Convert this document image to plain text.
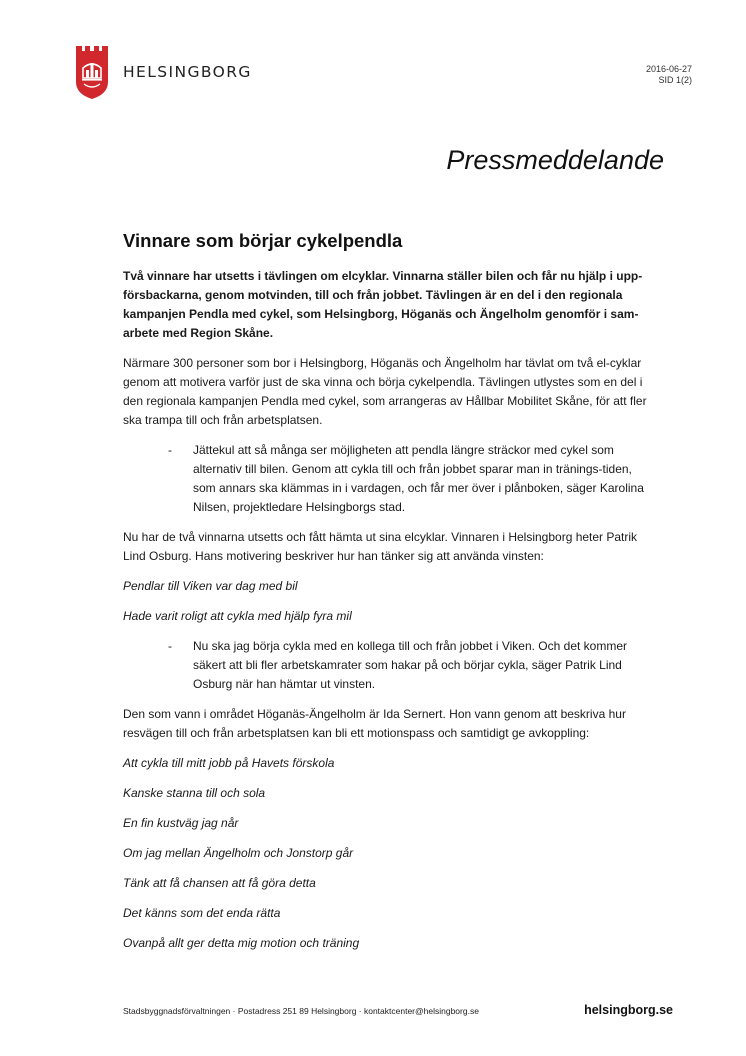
HELSINGBORG	2016-06-27
SID 1(2)
Pressmeddelande
Vinnare som börjar cykelpendla

Två vinnare har utsetts i tävlingen om elcyklar. Vinnarna ställer bilen och får nu hjälp i upp-försbackarna, genom motvinden, till och från jobbet. Tävlingen är en del i den regionala kampanjen Pendla med cykel, som Helsingborg, Höganäs och Ängelholm genomför i sam-arbete med Region Skåne.

Närmare 300 personer som bor i Helsingborg, Höganäs och Ängelholm har tävlat om två el-cyklar genom att motivera varför just de ska vinna och börja cykelpendla. Tävlingen utlystes som en del i den regionala kampanjen Pendla med cykel, som arrangeras av Hållbar Mobilitet Skåne, för att fler ska trampa till och från arbetsplatsen.

- Jättekul att så många ser möjligheten att pendla längre sträckor med cykel som alternativ till bilen. Genom att cykla till och från jobbet sparar man in tränings-tiden, som annars ska klämmas in i vardagen, och får mer över i plånboken, säger Karolina Nilsen, projektledare Helsingborgs stad.

Nu har de två vinnarna utsetts och fått hämta ut sina elcyklar. Vinnaren i Helsingborg heter Patrik Lind Osburg. Hans motivering beskriver hur han tänker sig att använda vinsten:

Pendlar till Viken var dag med bil

Hade varit roligt att cykla med hjälp fyra mil

- Nu ska jag börja cykla med en kollega till och från jobbet i Viken. Och det kommer säkert att bli fler arbetskamrater som hakar på och börjar cykla, säger Patrik Lind Osburg när han hämtar ut vinsten.

Den som vann i området Höganäs-Ängelholm är Ida Sernert. Hon vann genom att beskriva hur resvägen till och från arbetsplatsen kan bli ett motionspass och samtidigt ge avkoppling:

Att cykla till mitt jobb på Havets förskola

Kanske stanna till och sola

En fin kustväg jag når

Om jag mellan Ängelholm och Jonstorp går

Tänk att få chansen att få göra detta

Det känns som det enda rätta

Ovanpå allt ger detta mig motion och träning

Stadsbyggnadsförvaltningen · Postadress 251 89 Helsingborg · kontaktcenter@helsingborg.se	helsingborg.se
